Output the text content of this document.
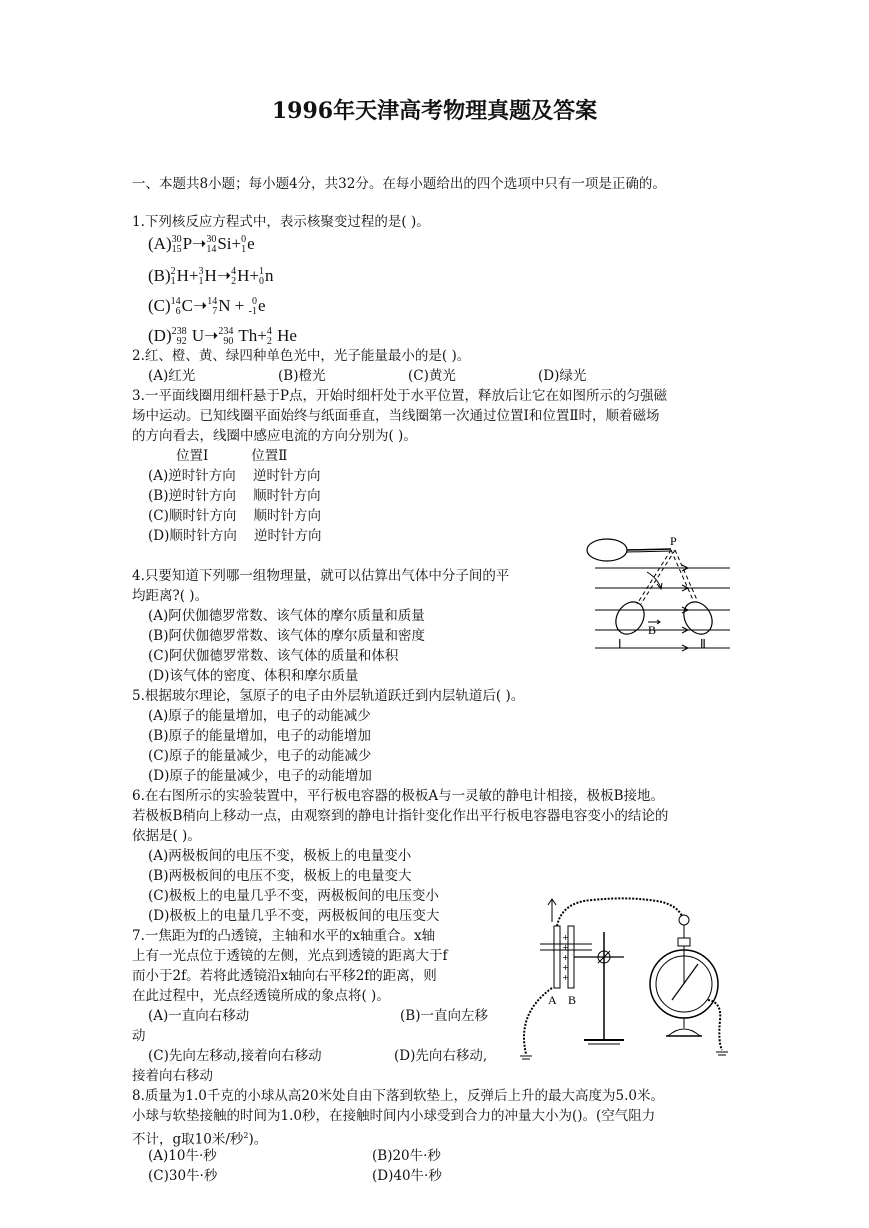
1996年天津高考物理真题及答案
一、本题共8小题；每小题4分，共32分。在每小题给出的四个选项中只有一项是正确的。
1.下列核反应方程式中，表示核聚变过程的是( )。
(A) 30
15 P➝ 30
14 Si+ 0
1 e
(B) 2
1 H+ 3
1 H➝ 4
2 H+ 1
0 n
(C) 14
6 C➝ 14
7 N + 0
-1 e
(D) 238
92 U➝ 234
90 Th+ 4
2 He
2.红、橙、黄、绿四种单色光中，光子能量最小的是( )。
(A)红光	(B)橙光	(C)黄光	(D)绿光
3.一平面线圈用细杆悬于P点，开始时细杆处于水平位置，释放后让它在如图所示的匀强磁
场中运动。已知线圈平面始终与纸面垂直，当线圈第一次通过位置Ⅰ和位置Ⅱ时，顺着磁场
的方向看去，线圈中感应电流的方向分别为( )。
位置Ⅰ          位置Ⅱ
(A)逆时针方向    逆时针方向
(B)逆时针方向    顺时针方向
(C)顺时针方向    顺时针方向
(D)顺时针方向    逆时针方向	P
B
Ⅰ	Ⅱ
4.只要知道下列哪一组物理量，就可以估算出气体中分子间的平
均距离?( )。
(A)阿伏伽德罗常数、该气体的摩尔质量和质量
(B)阿伏伽德罗常数、该气体的摩尔质量和密度
(C)阿伏伽德罗常数、该气体的质量和体积
(D)该气体的密度、体积和摩尔质量
5.根据玻尔理论，氢原子的电子由外层轨道跃迁到内层轨道后( )。
(A)原子的能量增加，电子的动能减少
(B)原子的能量增加，电子的动能增加
(C)原子的能量减少，电子的动能减少
(D)原子的能量减少，电子的动能增加
6.在右图所示的实验装置中，平行板电容器的极板A与一灵敏的静电计相接，极板B接地。
若极板B稍向上移动一点，由观察到的静电计指针变化作出平行板电容器电容变小的结论的
依据是( )。
(A)两极板间的电压不变，极板上的电量变小
(B)两极板间的电压不变，极板上的电量变大
(C)极板上的电量几乎不变，两极板间的电压变小
(D)极板上的电量几乎不变，两极板间的电压变大
+
+
+
+
+
A B
7.一焦距为f的凸透镜，主轴和水平的x轴重合。x轴
上有一光点位于透镜的左侧，光点到透镜的距离大于f
而小于2f。若将此透镜沿x轴向右平移2f的距离，则
在此过程中，光点经透镜所成的象点将( )。
(A)一直向右移动	(B)一直向左移
动
(C)先向左移动,接着向右移动	(D)先向右移动,
接着向右移动
8.质量为1.0千克的小球从高20米处自由下落到软垫上，反弹后上升的最大高度为5.0米。
小球与软垫接触的时间为1.0秒，在接触时间内小球受到合力的冲量大小为()。(空气阻力
不计，g取10米/秒$^2$)。
(A)10牛·秒	(B)20牛·秒
(C)30牛·秒	(D)40牛·秒
